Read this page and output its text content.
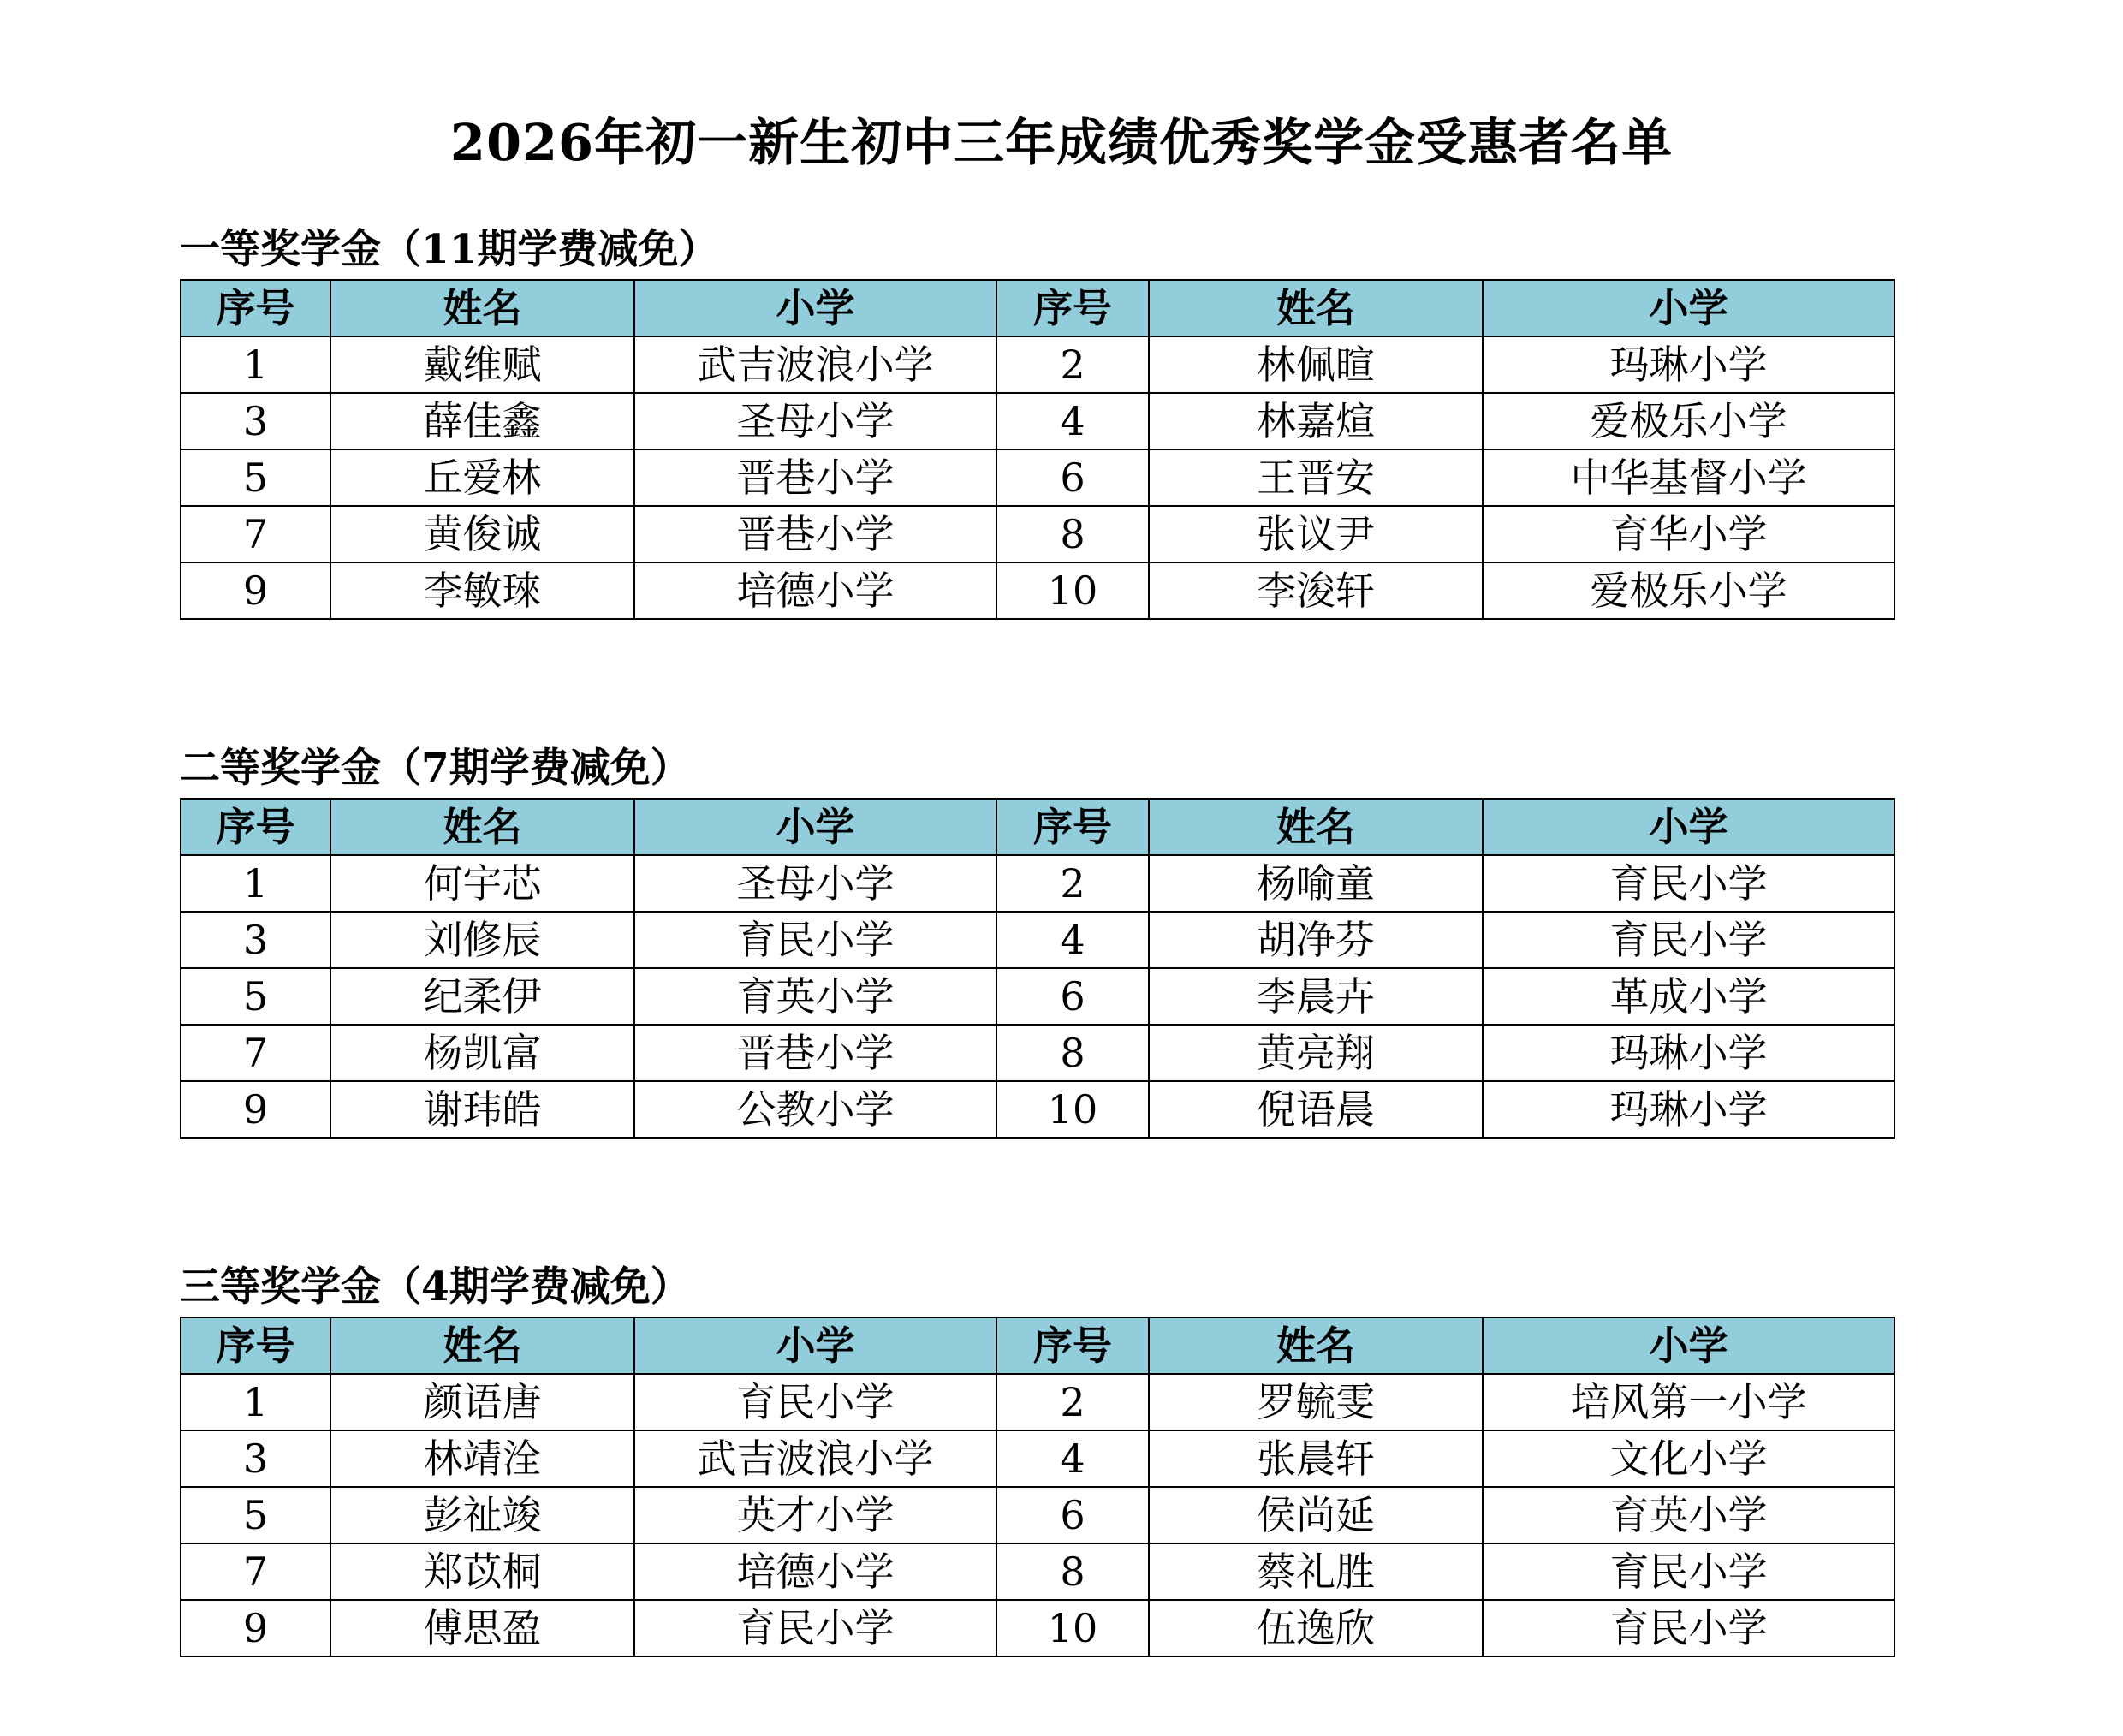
2026年初一新生初中三年成绩优秀奖学金受惠者名单
一等奖学金（11期学费减免）
序号	姓名	小学	序号	姓名	小学
1	戴维赋	武吉波浪小学	2	林佩暄	玛琳小学
3	薛佳鑫	圣母小学	4	林嘉煊	爱极乐小学
5	丘爱林	晋巷小学	6	王晋安	中华基督小学
7	黄俊诚	晋巷小学	8	张议尹	育华小学
9	李敏琜	培德小学	10	李浚轩	爱极乐小学
二等奖学金（7期学费减免）
序号	姓名	小学	序号	姓名	小学
1	何宇芯	圣母小学	2	杨喻童	育民小学
3	刘修辰	育民小学	4	胡净芬	育民小学
5	纪柔伊	育英小学	6	李晨卉	革成小学
7	杨凯富	晋巷小学	8	黄亮翔	玛琳小学
9	谢玮皓	公教小学	10	倪语晨	玛琳小学
三等奖学金（4期学费减免）
序号	姓名	小学	序号	姓名	小学
1	颜语唐	育民小学	2	罗毓雯	培风第一小学
3	林靖洤	武吉波浪小学	4	张晨轩	文化小学
5	彭祉竣	英才小学	6	侯尚延	育英小学
7	郑苡桐	培德小学	8	蔡礼胜	育民小学
9	傅思盈	育民小学	10	伍逸欣	育民小学
